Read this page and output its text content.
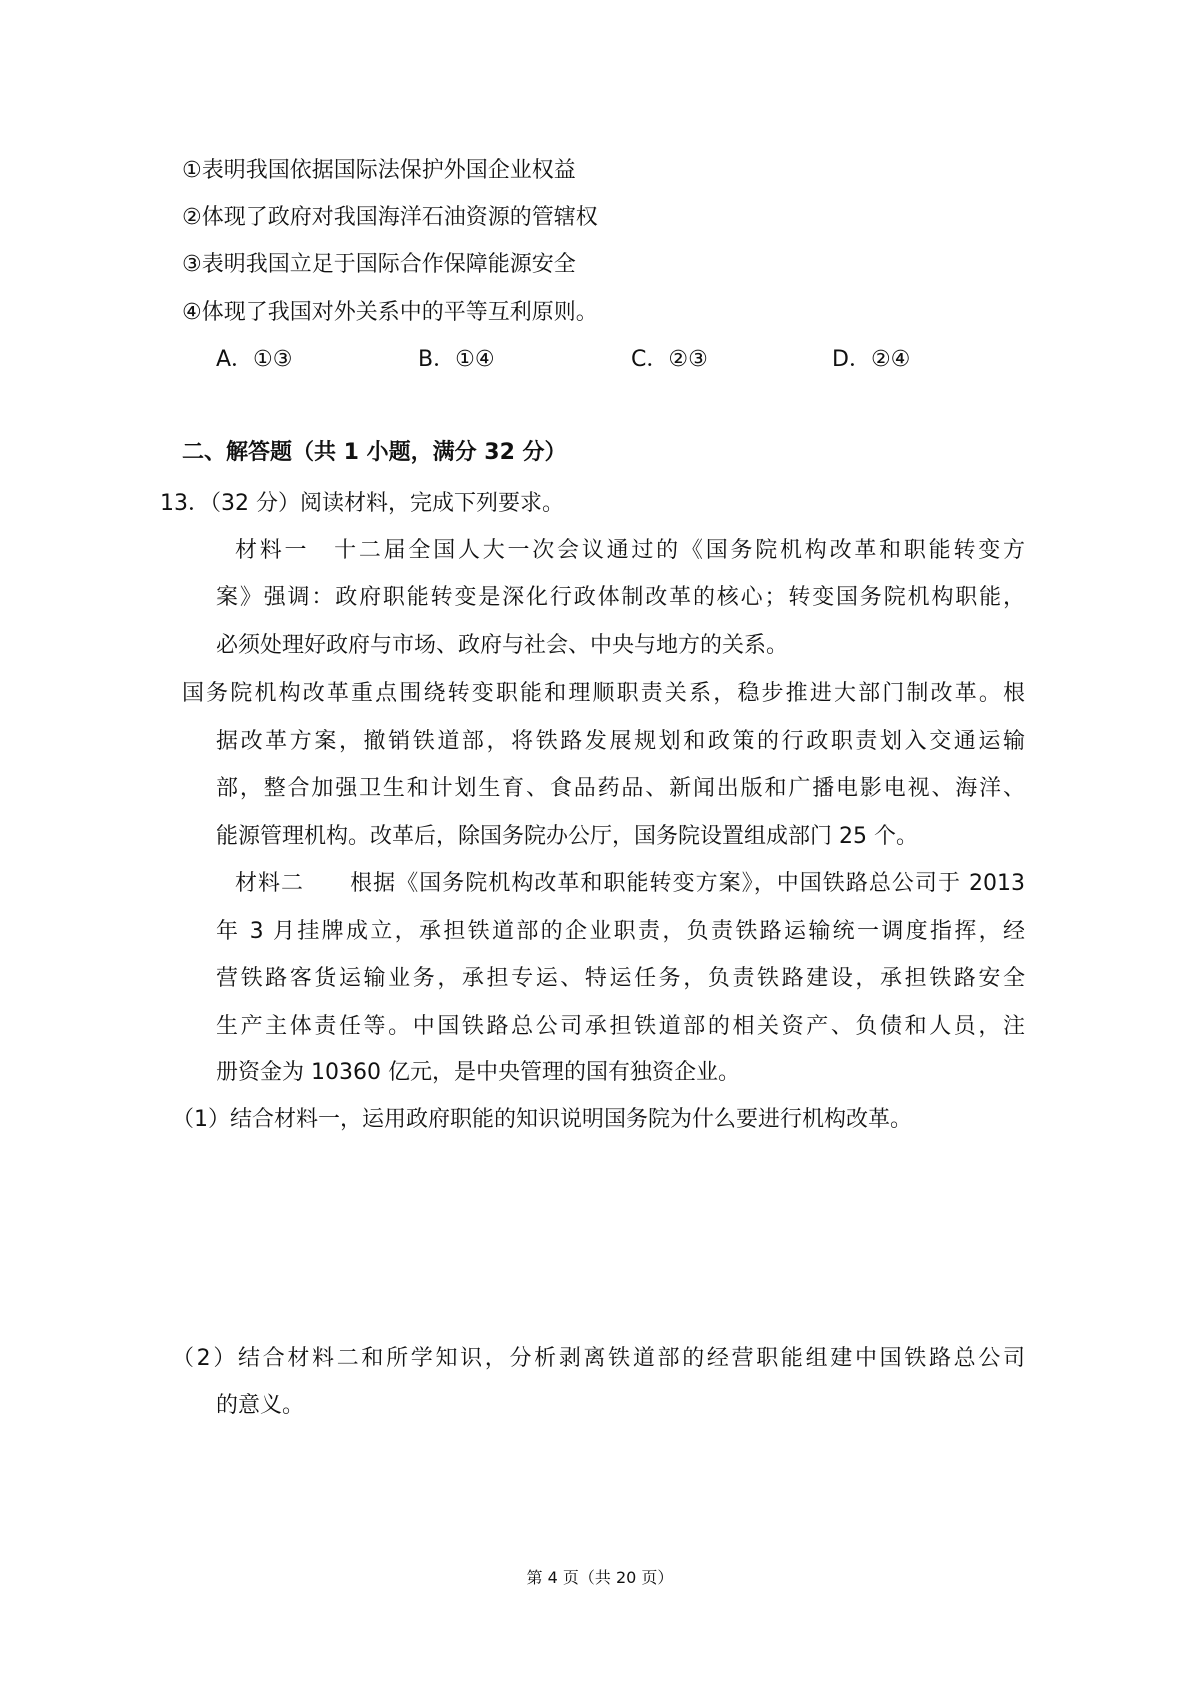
①表明我国依据国际法保护外国企业权益
②体现了政府对我国海洋石油资源的管辖权
③表明我国立足于国际合作保障能源安全
④体现了我国对外关系中的平等互利原则。
A．①③	B．①④	C．②③	D．②④
二、解答题（共 1 小题，满分 32 分）
13．（32 分）阅读材料，完成下列要求。
材料一　十二届全国人大一次会议通过的《国务院机构改革和职能转变方
案》强调：政府职能转变是深化行政体制改革的核心；转变国务院机构职能，
必须处理好政府与市场、政府与社会、中央与地方的关系。
国务院机构改革重点围绕转变职能和理顺职责关系，稳步推进大部门制改革。根
据改革方案，撤销铁道部，将铁路发展规划和政策的行政职责划入交通运输
部，整合加强卫生和计划生育、食品药品、新闻出版和广播电影电视、海洋、
能源管理机构。改革后，除国务院办公厅，国务院设置组成部门 25 个。
材料二　　根据《国务院机构改革和职能转变方案》，中国铁路总公司于 2013
年 3 月挂牌成立，承担铁道部的企业职责，负责铁路运输统一调度指挥，经
营铁路客货运输业务，承担专运、特运任务，负责铁路建设，承担铁路安全
生产主体责任等。中国铁路总公司承担铁道部的相关资产、负债和人员，注
册资金为 10360 亿元，是中央管理的国有独资企业。
（1）结合材料一，运用政府职能的知识说明国务院为什么要进行机构改革。
（2）结合材料二和所学知识，分析剥离铁道部的经营职能组建中国铁路总公司
的意义。
第 4 页（共 20 页）
